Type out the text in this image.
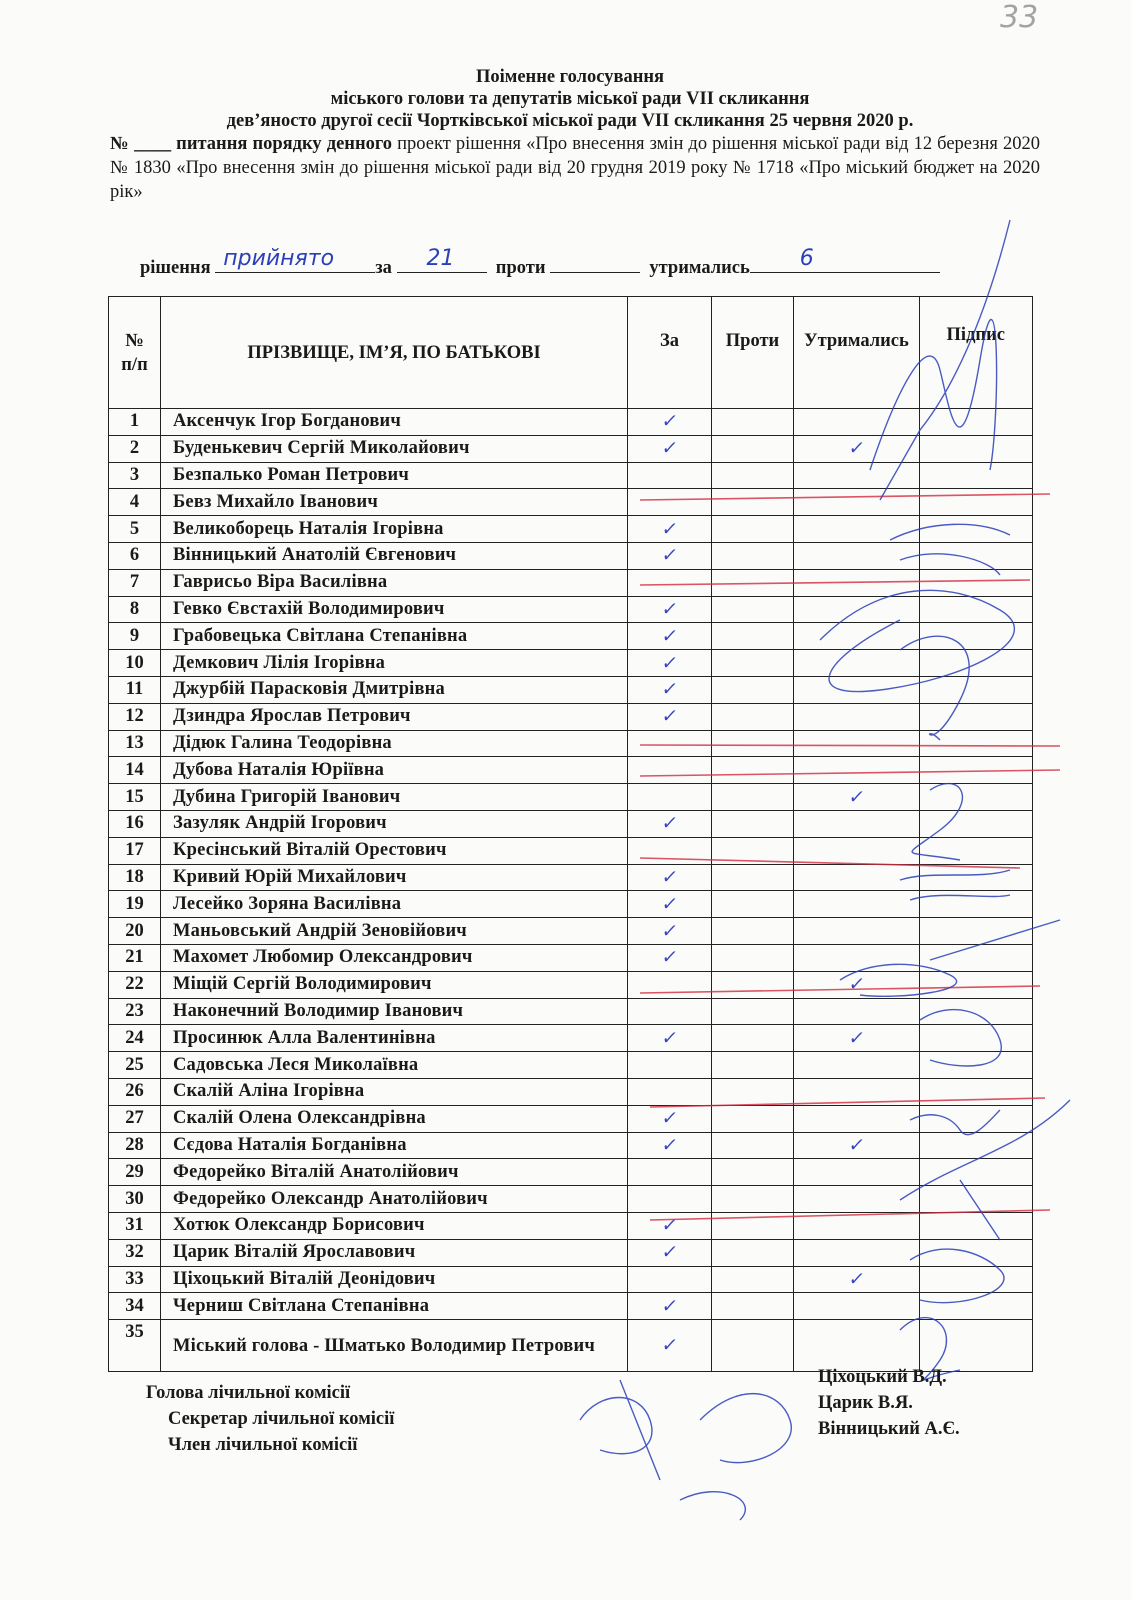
33
Поіменне голосування
міського голови та депутатів міської ради VII скликання
дев’яносто другої сесії Чортківської міської ради VII скликання 25 червня 2020 р.
№ ____ питання порядку денного проект рішення «Про внесення змін до рішення міської ради від 12 березня 2020 № 1830 «Про внесення змін до рішення міської ради від 20 грудня 2019 року № 1718 «Про міський бюджет на 2020 рік»
рішення прийнято за 21 проти	утримались 6
№ п/п	ПРІЗВИЩЕ, ІМ’Я, ПО БАТЬКОВІ	За	Проти	Утримались	Підпис
1	Аксенчук Ігор Богданович	✓			
2	Буденькевич Сергій Миколайович	✓		✓	
3	Безпалько Роман Петрович				
4	Бевз Михайло Іванович				
5	Великоборець Наталія Ігорівна	✓			
6	Вінницький Анатолій Євгенович	✓			
7	Гаврисьо Віра Василівна				
8	Гевко Євстахій Володимирович	✓			
9	Грабовецька Світлана Степанівна	✓			
10	Демкович Лілія Ігорівна	✓			
11	Джурбій Парасковія Дмитрівна	✓			
12	Дзиндра Ярослав Петрович	✓			
13	Дідюк Галина Теодорівна				
14	Дубова Наталія Юріївна				
15	Дубина Григорій Іванович			✓	
16	Зазуляк Андрій Ігорович	✓			
17	Кресінський Віталій Орестович				
18	Кривий Юрій Михайлович	✓			
19	Лесейко Зоряна Василівна	✓			
20	Маньовський Андрій Зеновійович	✓			
21	Махомет Любомир Олександрович	✓			
22	Міщій Сергій Володимирович			✓	
23	Наконечний Володимир Іванович				
24	Просинюк Алла Валентинівна	✓		✓	
25	Садовська Леся Миколаївна				
26	Скалій Аліна Ігорівна				
27	Скалій Олена Олександрівна	✓			
28	Сєдова Наталія Богданівна	✓		✓	
29	Федорейко Віталій Анатолійович				
30	Федорейко Олександр Анатолійович				
31	Хотюк Олександр Борисович	✓			
32	Царик Віталій Ярославович	✓			
33	Ціхоцький Віталій Деонідович			✓	
34	Черниш Світлана Степанівна	✓			
35	Міський голова - Шматько Володимир Петрович	✓			
Голова лічильної комісії
Секретар лічильної комісії
Член лічильної комісії
Ціхоцький В.Д.
Царик В.Я.
Вінницький А.Є.
